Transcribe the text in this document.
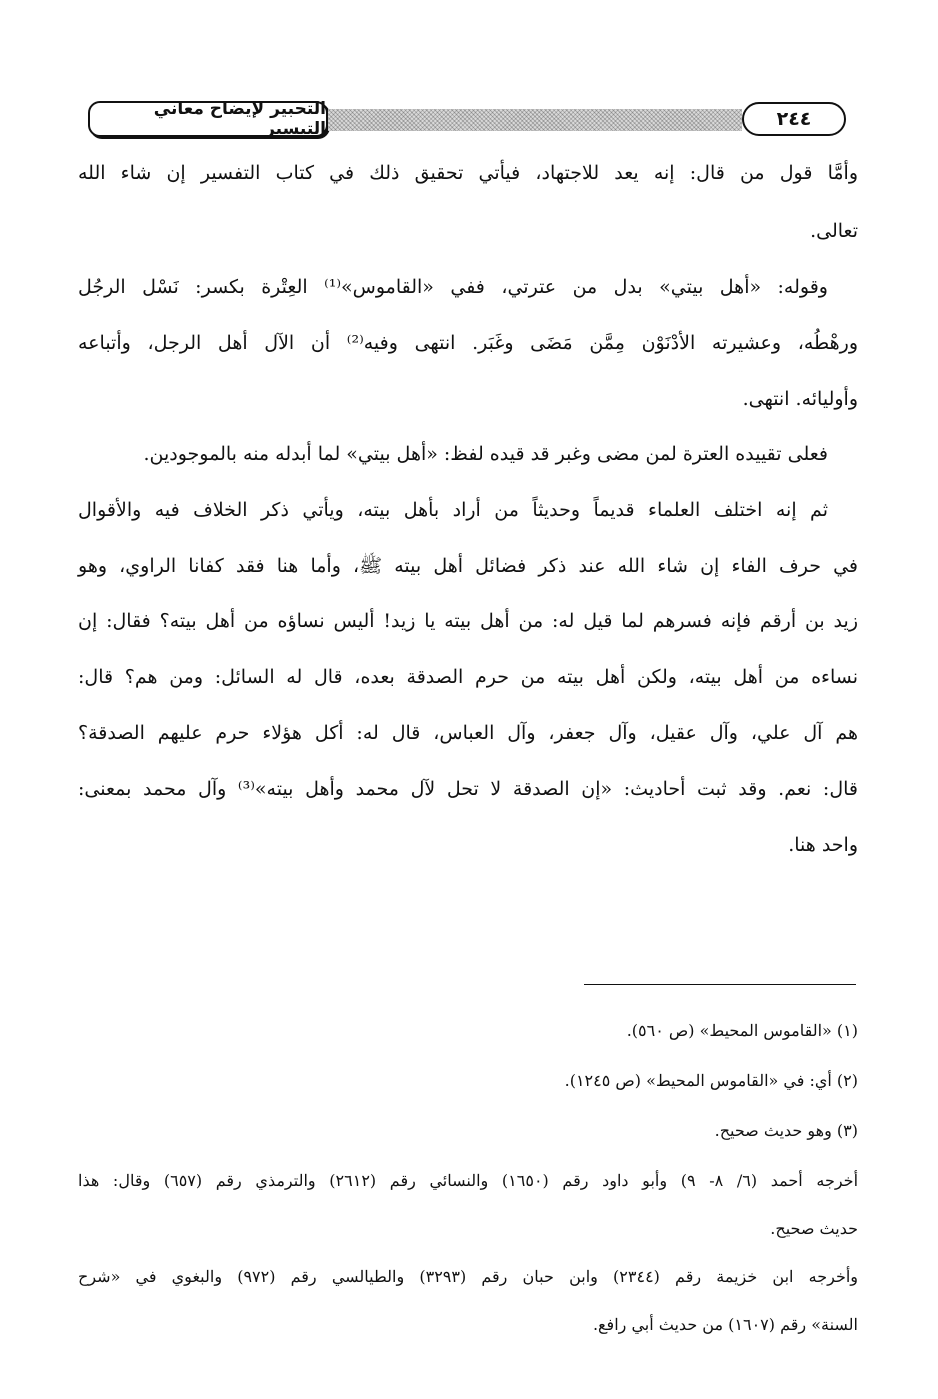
التحبير لإيضاح معاني التيسير	٢٤٤
وأمَّا قول من قال: إنه يعد للاجتهاد، فيأتي تحقيق ذلك في كتاب التفسير إن شاء الله
تعالى.
وقوله: «أهل بيتي» بدل من عترتي، ففي «القاموس»⁽¹⁾ العِتْرة بكسر: نَسْل الرجُل
ورهْطُه، وعشيرته الأدْنَوْن مِمَّن مَضَى وغَبَر. انتهى وفيه⁽²⁾ أن الآل أهل الرجل، وأتباعه
وأوليائه. انتهى.
فعلى تقييده العترة لمن مضى وغبر قد قيده لفظ: «أهل بيتي» لما أبدله منه بالموجودين.
ثم إنه اختلف العلماء قديماً وحديثاً من أراد بأهل بيته، ويأتي ذكر الخلاف فيه والأقوال
في حرف الفاء إن شاء الله عند ذكر فضائل أهل بيته ﷺ، وأما هنا فقد كفانا الراوي، وهو
زيد بن أرقم فإنه فسرهم لما قيل له: من أهل بيته يا زيد! أليس نساؤه من أهل بيته؟ فقال: إن
نساءه من أهل بيته، ولكن أهل بيته من حرم الصدقة بعده، قال له السائل: ومن هم؟ قال:
هم آل علي، وآل عقيل، وآل جعفر، وآل العباس، قال له: أكل هؤلاء حرم عليهم الصدقة؟
قال: نعم. وقد ثبت أحاديث: «إن الصدقة لا تحل لآل محمد وأهل بيته»⁽³⁾ وآل محمد بمعنى:
واحد هنا.
(١) «القاموس المحيط» (ص ٥٦٠).
(٢) أي: في «القاموس المحيط» (ص ١٢٤٥).
(٣) وهو حديث صحيح.
أخرجه أحمد (٦/ ٨- ٩) وأبو داود رقم (١٦٥٠) والنسائي رقم (٢٦١٢) والترمذي رقم (٦٥٧) وقال: هذا
حديث صحيح.
وأخرجه ابن خزيمة رقم (٢٣٤٤) وابن حبان رقم (٣٢٩٣) والطيالسي رقم (٩٧٢) والبغوي في «شرح
السنة» رقم (١٦٠٧) من حديث أبي رافع.
